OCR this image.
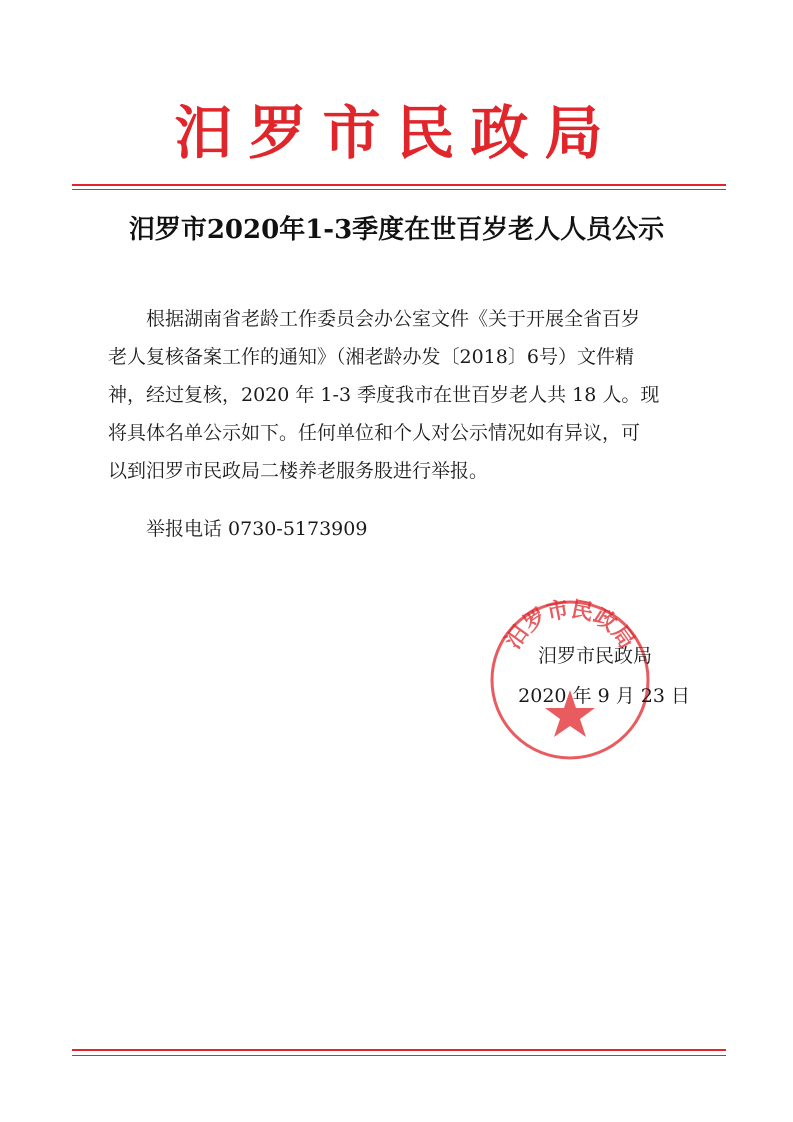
汨罗市民政局
汨罗市2020年1-3季度在世百岁老人人员公示
根据湖南省老龄工作委员会办公室文件《关于开展全省百岁
老人复核备案工作的通知》（湘老龄办发〔2018〕6号）文件精
神，经过复核，2020 年 1-3 季度我市在世百岁老人共 18 人。现
将具体名单公示如下。任何单位和个人对公示情况如有异议，可
以到汨罗市民政局二楼养老服务股进行举报。
举报电话 0730-5173909
汨罗市民政局
汨罗市民政局
2020 年 9 月 23 日
